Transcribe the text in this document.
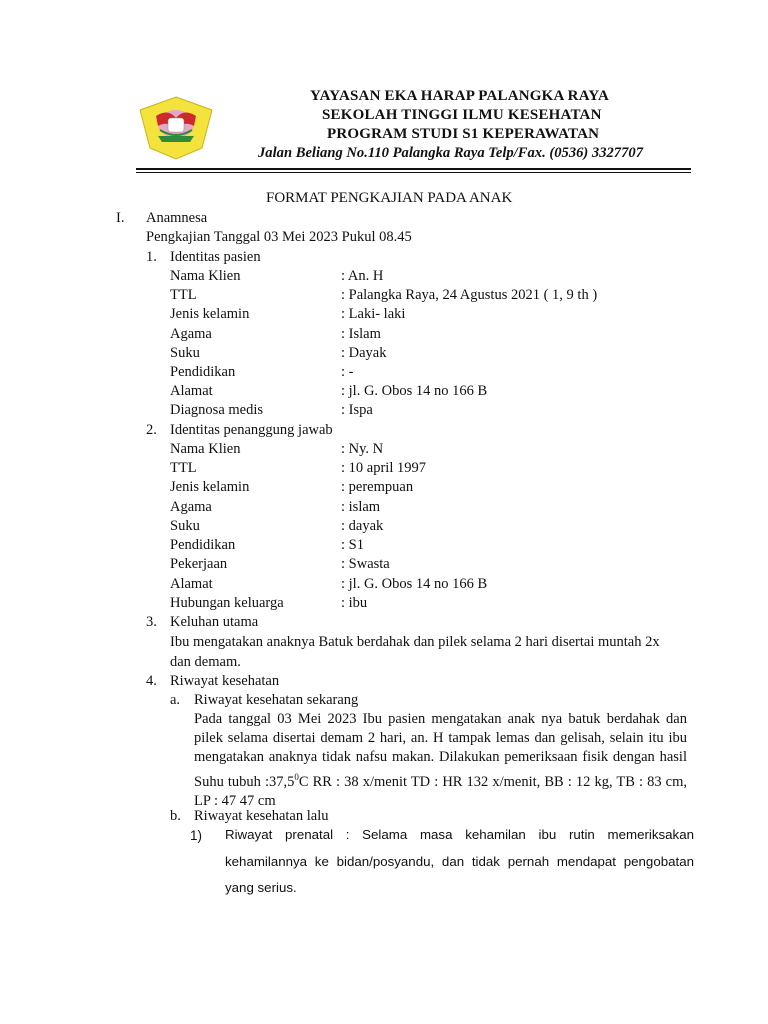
YAYASAN EKA HARAP PALANGKA RAYA
SEKOLAH TINGGI ILMU KESEHATAN
PROGRAM STUDI S1 KEPERAWATAN
Jalan Beliang No.110 Palangka Raya Telp/Fax. (0536) 3327707
FORMAT PENGKAJIAN PADA ANAK
I. Anamnesa
Pengkajian Tanggal 03 Mei 2023 Pukul 08.45
1. Identitas pasien
Nama Klien	: An. H
TTL	: Palangka Raya, 24 Agustus 2021 ( 1, 9 th )
Jenis kelamin	: Laki- laki
Agama	: Islam
Suku	: Dayak
Pendidikan	: -
Alamat	: jl. G. Obos 14 no 166 B
Diagnosa medis	: Ispa
2. Identitas penanggung jawab
Nama Klien	: Ny. N
TTL	: 10 april 1997
Jenis kelamin	: perempuan
Agama	: islam
Suku	: dayak
Pendidikan	: S1
Pekerjaan	: Swasta
Alamat	: jl. G. Obos 14 no 166 B
Hubungan keluarga	: ibu
3. Keluhan utama
Ibu mengatakan anaknya Batuk berdahak dan pilek selama 2 hari disertai muntah 2x
dan demam.
4. Riwayat kesehatan
a. Riwayat kesehatan sekarang
Pada tanggal 03 Mei 2023 Ibu pasien mengatakan anak nya batuk berdahak dan pilek selama disertai demam 2 hari, an. H tampak lemas dan gelisah, selain itu ibu mengatakan anaknya tidak nafsu makan. Dilakukan pemeriksaan fisik dengan hasil Suhu tubuh :37,5$^0$C RR : 38 x/menit TD : HR 132 x/menit, BB : 12 kg, TB : 83 cm, LP : 47 47 cm
b. Riwayat kesehatan lalu
1) Riwayat prenatal : Selama masa kehamilan ibu rutin memeriksakan kehamilannya ke bidan/posyandu, dan tidak pernah mendapat pengobatan yang serius.
